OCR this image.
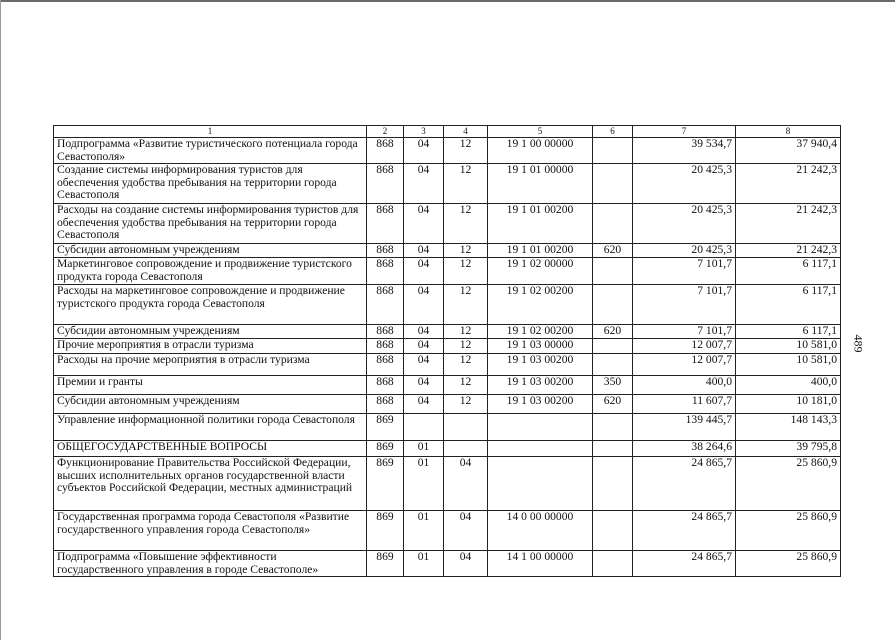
489
1	2	3	4	5	6	7	8
Подпрограмма «Развитие туристического потенциала города Севастополя»	868	04	12	19 1 00 00000		39 534,7	37 940,4
Создание системы информирования туристов для обеспечения удобства пребывания на территории города Севастополя	868	04	12	19 1 01 00000		20 425,3	21 242,3
Расходы на создание системы информирования туристов для обеспечения удобства пребывания на территории города Севастополя	868	04	12	19 1 01 00200		20 425,3	21 242,3
Субсидии автономным учреждениям	868	04	12	19 1 01 00200	620	20 425,3	21 242,3
Маркетинговое сопровождение и продвижение туристского продукта города Севастополя	868	04	12	19 1 02 00000		7 101,7	6 117,1
Расходы на маркетинговое сопровождение и продвижение туристского продукта города Севастополя	868	04	12	19 1 02 00200		7 101,7	6 117,1
Субсидии автономным учреждениям	868	04	12	19 1 02 00200	620	7 101,7	6 117,1
Прочие мероприятия в отрасли туризма	868	04	12	19 1 03 00000		12 007,7	10 581,0
Расходы на прочие мероприятия в отрасли туризма	868	04	12	19 1 03 00200		12 007,7	10 581,0
Премии и гранты	868	04	12	19 1 03 00200	350	400,0	400,0
Субсидии автономным учреждениям	868	04	12	19 1 03 00200	620	11 607,7	10 181,0
Управление информационной политики города Севастополя	869					139 445,7	148 143,3
ОБЩЕГОСУДАРСТВЕННЫЕ ВОПРОСЫ	869	01				38 264,6	39 795,8
Функционирование Правительства Российской Федерации, высших исполнительных органов государственной власти субъектов Российской Федерации, местных администраций	869	01	04			24 865,7	25 860,9
Государственная программа города Севастополя «Развитие государственного управления города Севастополя»	869	01	04	14 0 00 00000		24 865,7	25 860,9
Подпрограмма «Повышение эффективности государственного управления в городе Севастополе»	869	01	04	14 1 00 00000		24 865,7	25 860,9
